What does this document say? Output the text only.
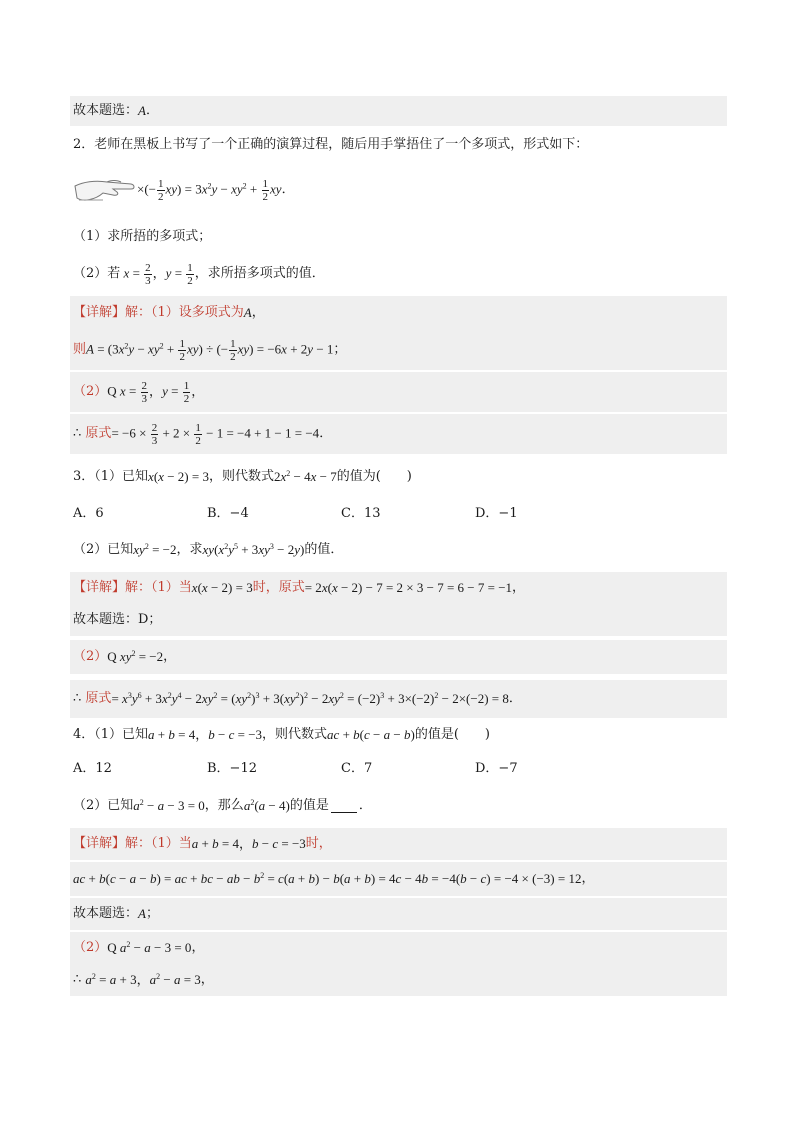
故本题选： A ．
2．老师在黑板上书写了一个正确的演算过程，随后用手掌捂住了一个多项式，形式如下：
×(− $\frac{1}{2} xy) = 3x^2y - xy^2 + \frac{1}{2}$ xy ．
（1）求所捂的多项式；
（2）若 $x = \frac{2}{3}$ ，$y = \frac{1}{2}$ ，求所捂多项式的值．
【详解】 解：（1）设多项式为 A ，
则 $A = (3x^2y - xy^2 + \frac{1}{2} xy)$ ÷ (− $\frac{1}{2} xy) = -6x + 2y - 1$ ；
（2） Q $x = \frac{2}{3}$ ，$y = \frac{1}{2}$ ，
∴
原式 = $-6 \times \frac{2}{3} + 2 \times \frac{1}{2} - 1 = -4 + 1 - 1 = -4$ ．
3．（1）已知 x(x − 2) = 3 ，则代数式 $2x^2 - 4x - 7$ 的值为(　　)
A．6	B．−4	C．13	D．−1
（2）已知 $xy^2 = -2$ ，求 $xy(x^2y^5 + 3xy^3 - 2y)$ 的值．
【详解】 解：（1）当 x(x − 2) = 3 时，原式 = 2x(x − 2) − 7 = 2 × 3 − 7 = 6 − 7 = −1 ，
故本题选：D；
（2） Q $xy^2 = -2$ ，
∴
原式 = $x^3y^6 + 3x^2y^4 - 2xy^2 = (xy^2)^3 + 3(xy^2)^2 - 2xy^2 = (-2)^3 + 3\times(-2)^2 - 2\times(-2) = 8$ ．
4．（1）已知 a + b = 4，b − c = −3 ，则代数式 ac + b(c − a − b) 的值是(　　)
A．12	B．−12	C．7	D．−7
（2）已知 $a^2 - a - 3 = 0$ ，那么 $a^2(a - 4)$ 的值是 ．
【详解】 解：（1）当 a + b = 4，b − c = −3 时，
ac + b(c − a − b) = ac + bc − ab − $b^2 = c(a + b) - b(a + b) = 4c - 4b = -4(b - c) = -4 \times (-3) = 12$ ，
故本题选： A ；
（2） Q $a^2 - a - 3 = 0$ ，
∴
$a^2 = a + 3$，$a^2 - a = 3$ ，
